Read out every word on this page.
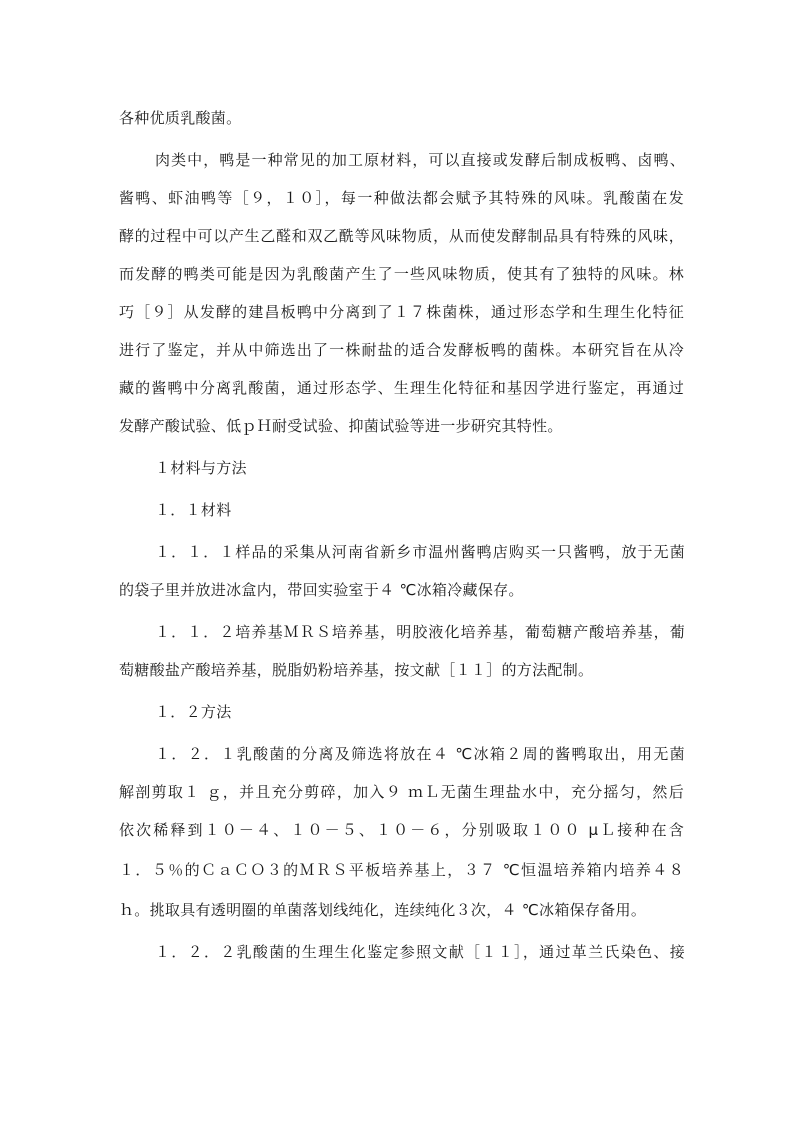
各种优质乳酸菌。
肉类中，鸭是一种常见的加工原材料，可以直接或发酵后制成板鸭、卤鸭、
酱鸭、虾油鸭等［９，１０］，每一种做法都会赋予其特殊的风味。乳酸菌在发
酵的过程中可以产生乙醛和双乙酰等风味物质，从而使发酵制品具有特殊的风味，
而发酵的鸭类可能是因为乳酸菌产生了一些风味物质，使其有了独特的风味。林
巧［９］从发酵的建昌板鸭中分离到了１７株菌株，通过形态学和生理生化特征
进行了鉴定，并从中筛选出了一株耐盐的适合发酵板鸭的菌株。本研究旨在从冷
藏的酱鸭中分离乳酸菌，通过形态学、生理生化特征和基因学进行鉴定，再通过
发酵产酸试验、低ｐＨ耐受试验、抑菌试验等进一步研究其特性。
１材料与方法
１．１材料
１．１．１样品的采集从河南省新乡市温州酱鸭店购买一只酱鸭，放于无菌
的袋子里并放进冰盒内，带回实验室于４ ℃冰箱冷藏保存。
１．１．２培养基ＭＲＳ培养基，明胶液化培养基，葡萄糖产酸培养基，葡
萄糖酸盐产酸培养基，脱脂奶粉培养基，按文献［１１］的方法配制。
１．２方法
１．２．１乳酸菌的分离及筛选将放在４ ℃冰箱２周的酱鸭取出，用无菌
解剖剪取１ ｇ，并且充分剪碎，加入９ ｍＬ无菌生理盐水中，充分摇匀，然后
依次稀释到１０－４、１０－５、１０－６，分别吸取１００ μＬ接种在含
１．５％的ＣａＣＯ３的ＭＲＳ平板培养基上，３７ ℃恒温培养箱内培养４８
ｈ。挑取具有透明圈的单菌落划线纯化，连续纯化３次，４ ℃冰箱保存备用。
１．２．２乳酸菌的生理生化鉴定参照文献［１１］，通过革兰氏染色、接
